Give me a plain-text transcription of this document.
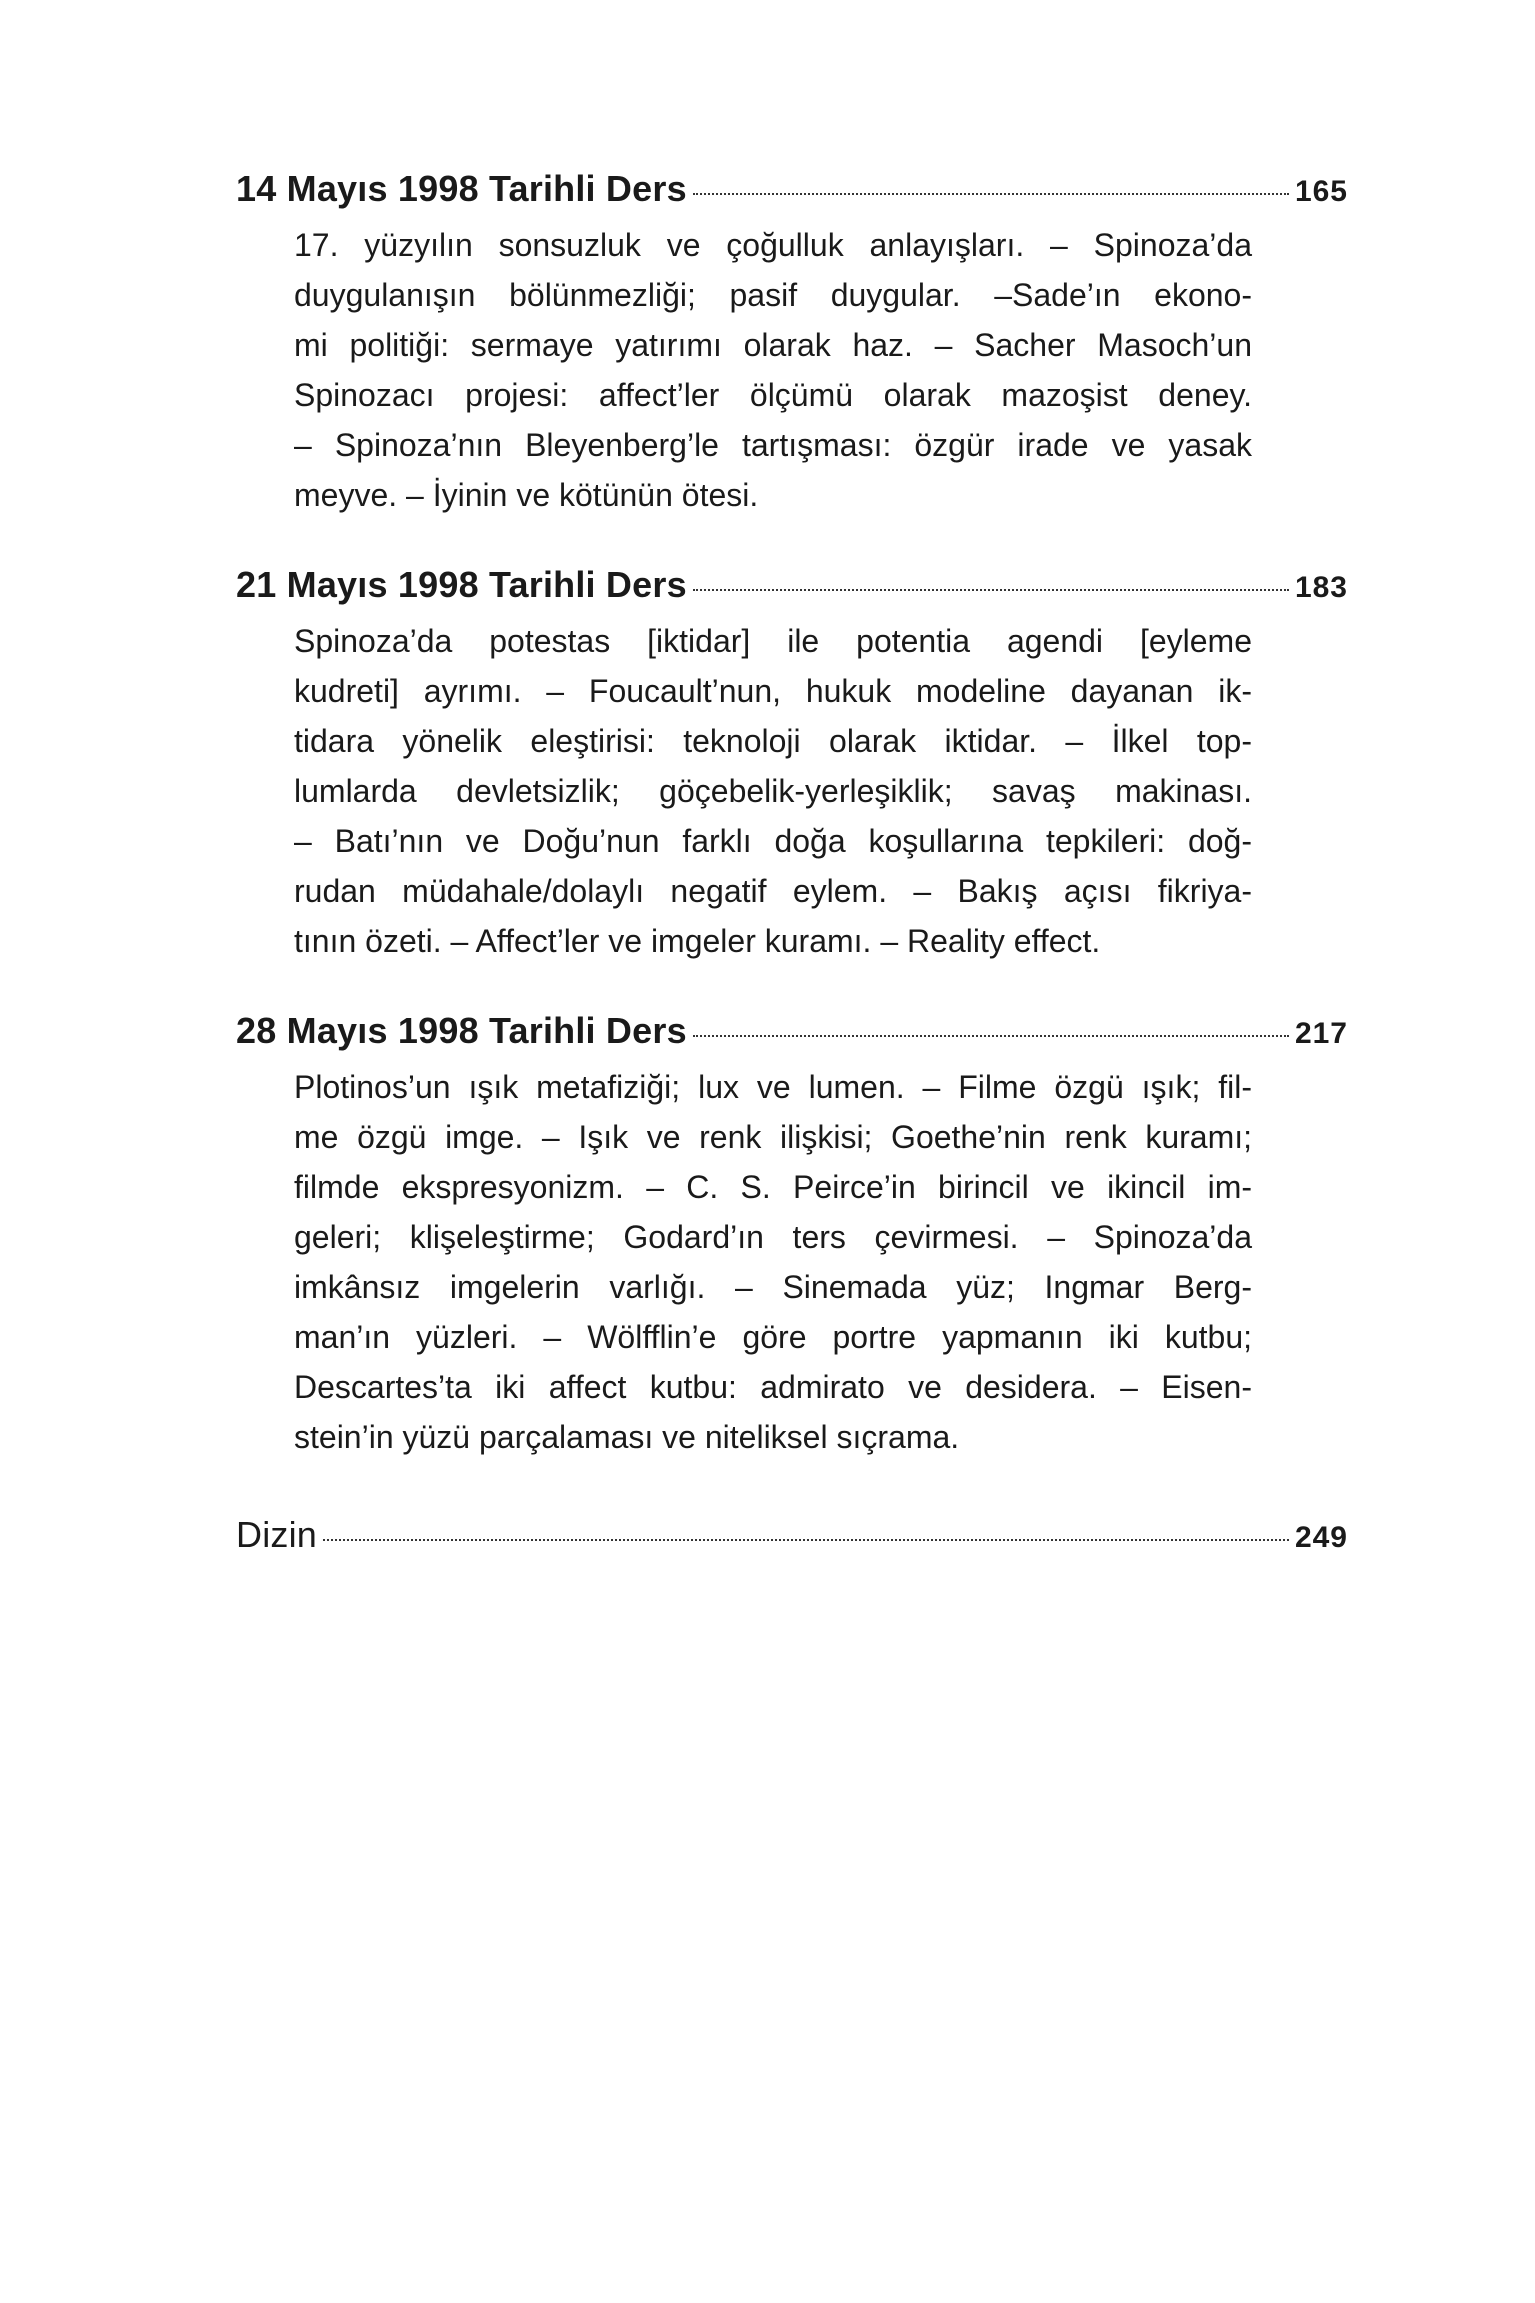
14 Mayıs 1998 Tarihli Ders	165
17. yüzyılın sonsuzluk ve çoğulluk anlayışları. – Spinoza’da
duygulanışın bölünmezliği; pasif duygular. –Sade’ın ekono-
mi politiği: sermaye yatırımı olarak haz. – Sacher Masoch’un
Spinozacı projesi: affect’ler ölçümü olarak mazoşist deney.
– Spinoza’nın Bleyenberg’le tartışması: özgür irade ve yasak
meyve. – İyinin ve kötünün ötesi.
21 Mayıs 1998 Tarihli Ders	183
Spinoza’da potestas [iktidar] ile potentia agendi [eyleme
kudreti] ayrımı. – Foucault’nun, hukuk modeline dayanan ik-
tidara yönelik eleştirisi: teknoloji olarak iktidar. – İlkel top-
lumlarda devletsizlik; göçebelik-yerleşiklik; savaş makinası.
– Batı’nın ve Doğu’nun farklı doğa koşullarına tepkileri: doğ-
rudan müdahale/dolaylı negatif eylem. – Bakış açısı fikriya-
tının özeti. – Affect’ler ve imgeler kuramı. – Reality effect.
28 Mayıs 1998 Tarihli Ders	217
Plotinos’un ışık metafiziği; lux ve lumen. – Filme özgü ışık; fil-
me özgü imge. – Işık ve renk ilişkisi; Goethe’nin renk kuramı;
filmde ekspresyonizm. – C. S. Peirce’in birincil ve ikincil im-
geleri; klişeleştirme; Godard’ın ters çevirmesi. – Spinoza’da
imkânsız imgelerin varlığı. – Sinemada yüz; Ingmar Berg-
man’ın yüzleri. – Wölfflin’e göre portre yapmanın iki kutbu;
Descartes’ta iki affect kutbu: admirato ve desidera. – Eisen-
stein’in yüzü parçalaması ve niteliksel sıçrama.
Dizin	249
